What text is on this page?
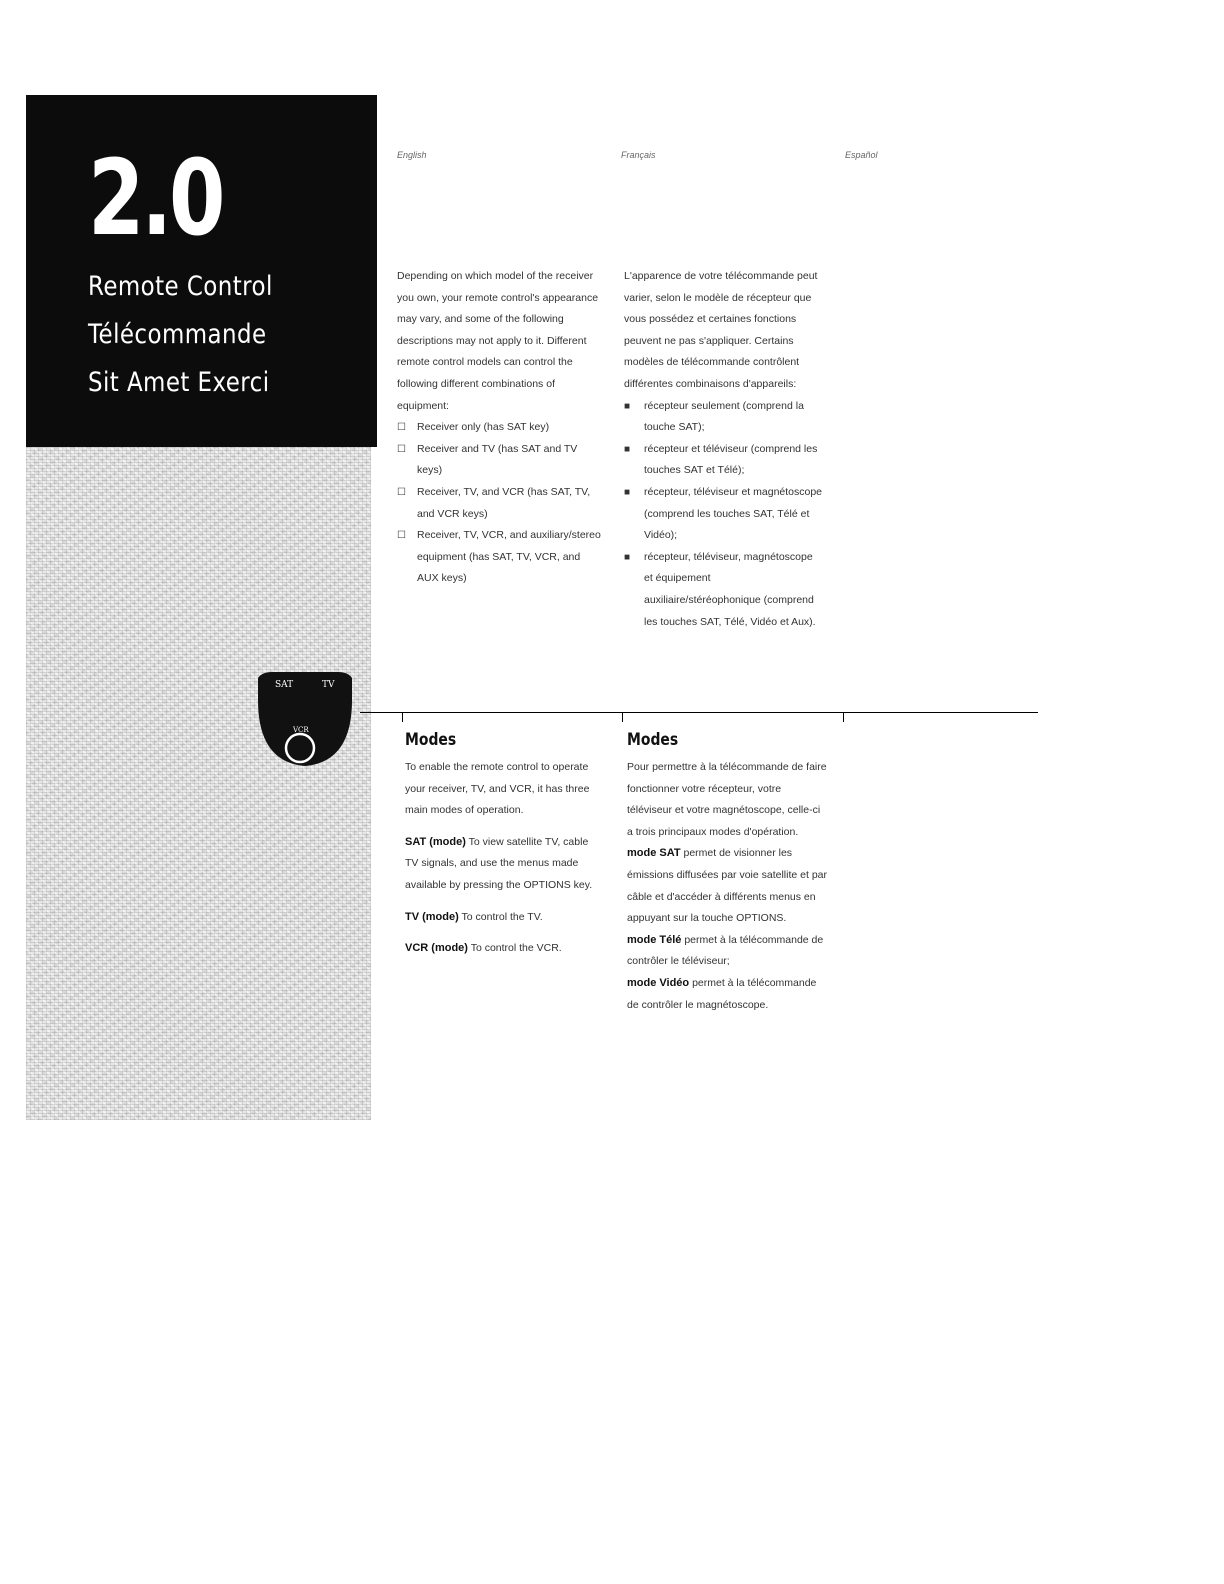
2.0
Remote Control
Télécommande
Sit Amet Exerci
SAT	TV
VCR
English	Français	Español

Depending on which model of the receiver you own, your remote control's appearance may vary, and some of the following descriptions may not apply to it. Different remote control models can control the following different combinations of equipment:

☐	Receiver only (has SAT key)
☐	Receiver and TV (has SAT and TV keys)
☐	Receiver, TV, and VCR (has SAT, TV, and VCR keys)
☐	Receiver, TV, VCR, and auxiliary/stereo equipment (has SAT, TV, VCR, and AUX keys)

L'apparence de votre télécommande peut varier, selon le modèle de récepteur que vous possédez et certaines fonctions peuvent ne pas s'appliquer. Certains modèles de télécommande contrôlent différentes combinaisons d'appareils:

■	récepteur seulement (comprend la touche SAT);
■	récepteur et téléviseur (comprend les touches SAT et Télé);
■	récepteur, téléviseur et magnétoscope (comprend les touches SAT, Télé et Vidéo);
■	récepteur, téléviseur, magnétoscope et équipement auxiliaire/stéréophonique (comprend les touches SAT, Télé, Vidéo et Aux).
Modes	Modes

To enable the remote control to operate your receiver, TV, and VCR, it has three main modes of operation.

SAT (mode) To view satellite TV, cable TV signals, and use the menus made available by pressing the OPTIONS key.

TV (mode) To control the TV.

VCR (mode) To control the VCR.

Pour permettre à la télécommande de faire fonctionner votre récepteur, votre téléviseur et votre magnétoscope, celle-ci a trois principaux modes d'opération.

mode SAT permet de visionner les émissions diffusées par voie satellite et par câble et d'accéder à différents menus en appuyant sur la touche OPTIONS.

mode Télé permet à la télécommande de contrôler le téléviseur;

mode Vidéo permet à la télécommande de contrôler le magnétoscope.
